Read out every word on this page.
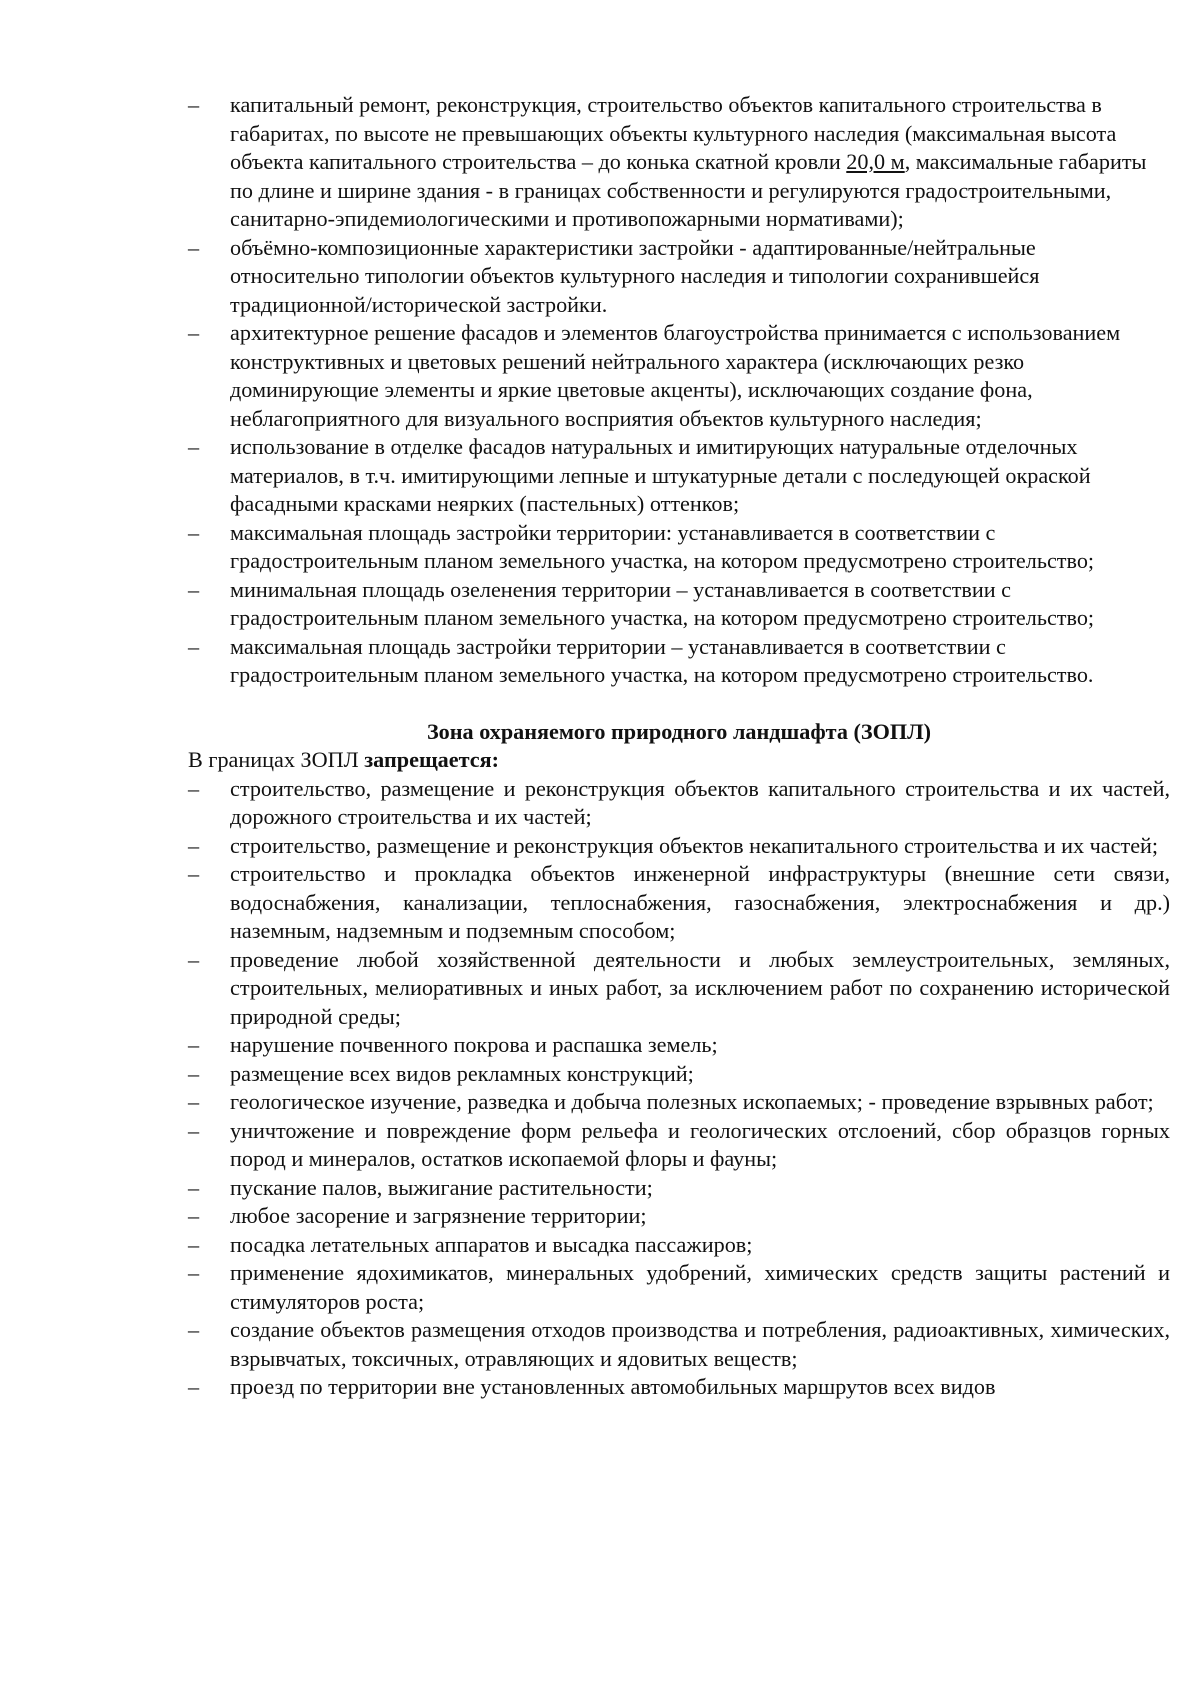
–	капитальный ремонт, реконструкция, строительство объектов капитального строительства в габаритах, по высоте не превышающих объекты культурного наследия (максимальная высота объекта капитального строительства – до конька скатной кровли 20,0 м, максимальные габариты по длине и ширине здания - в границах собственности и регулируются градостроительными, санитарно-эпидемиологическими и противопожарными нормативами);
–	объёмно-композиционные характеристики застройки - адаптированные/нейтральные относительно типологии объектов культурного наследия и типологии сохранившейся традиционной/исторической застройки.
–	архитектурное решение фасадов и элементов благоустройства принимается с использованием конструктивных и цветовых решений нейтрального характера (исключающих резко доминирующие элементы и яркие цветовые акценты), исключающих создание фона, неблагоприятного для визуального восприятия объектов культурного наследия;
–	использование в отделке фасадов натуральных и имитирующих натуральные отделочных материалов, в т.ч. имитирующими лепные и штукатурные детали с последующей окраской фасадными красками неярких (пастельных) оттенков;
–	максимальная площадь застройки территории: устанавливается в соответствии с градостроительным планом земельного участка, на котором предусмотрено строительство;
–	минимальная площадь озеленения территории – устанавливается в соответствии с градостроительным планом земельного участка, на котором предусмотрено строительство;
–	максимальная площадь застройки территории – устанавливается в соответствии с градостроительным планом земельного участка, на котором предусмотрено строительство.
Зона охраняемого природного ландшафта (ЗОПЛ)

В границах ЗОПЛ запрещается:

–	строительство, размещение и реконструкция объектов капитального строительства и их частей, дорожного строительства и их частей;
–	строительство, размещение и реконструкция объектов некапитального строительства и их частей;
–	строительство и прокладка объектов инженерной инфраструктуры (внешние сети связи, водоснабжения, канализации, теплоснабжения, газоснабжения, электроснабжения и др.) наземным, надземным и подземным способом;
–	проведение любой хозяйственной деятельности и любых землеустроительных, земляных, строительных, мелиоративных и иных работ, за исключением работ по сохранению исторической природной среды;
–	нарушение почвенного покрова и распашка земель;
–	размещение всех видов рекламных конструкций;
–	геологическое изучение, разведка и добыча полезных ископаемых; - проведение взрывных работ;
–	уничтожение и повреждение форм рельефа и геологических отслоений, сбор образцов горных пород и минералов, остатков ископаемой флоры и фауны;
–	пускание палов, выжигание растительности;
–	любое засорение и загрязнение территории;
–	посадка летательных аппаратов и высадка пассажиров;
–	применение ядохимикатов, минеральных удобрений, химических средств защиты растений и стимуляторов роста;
–	создание объектов размещения отходов производства и потребления, радиоактивных, химических, взрывчатых, токсичных, отравляющих и ядовитых веществ;
–	проезд по территории вне установленных автомобильных маршрутов всех видов
